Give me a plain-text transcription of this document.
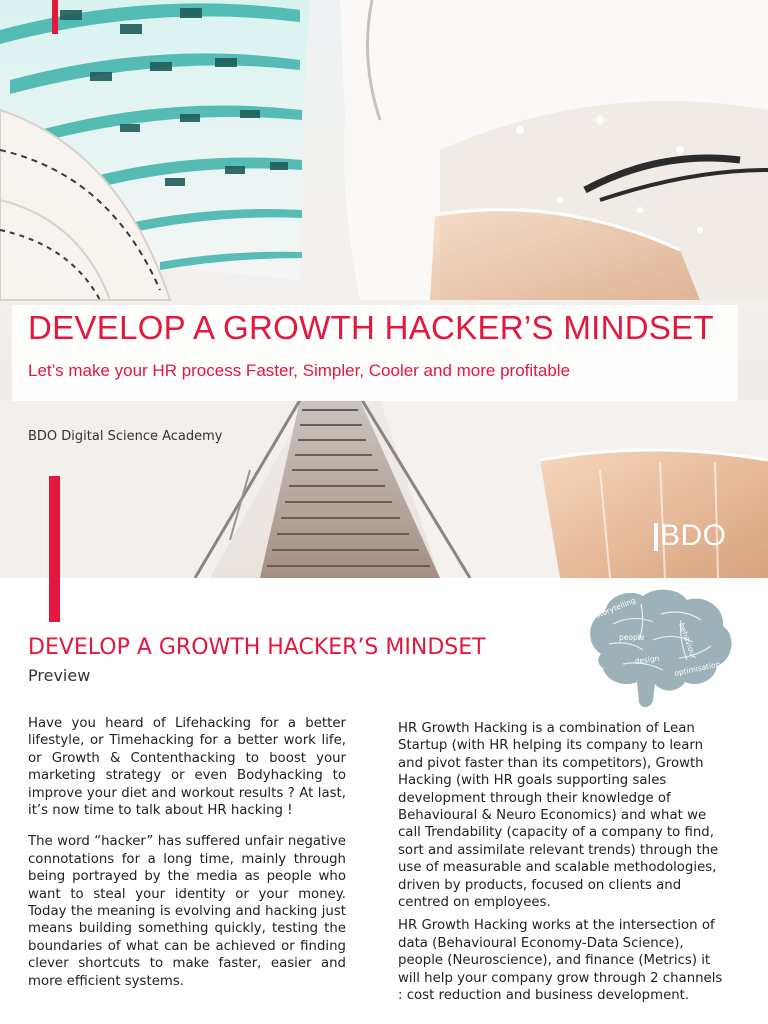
DEVELOP A GROWTH HACKER’S MINDSET

Let’s make your HR process Faster, Simpler, Cooler and more profitable

BDO Digital Science Academy
BDO
DEVELOP A GROWTH HACKER’S MINDSET
Preview
storytelling
design behaviour
optimisation
people

Have you heard of Lifehacking for a better lifestyle, or Timehacking for a better work life, or Growth & Contenthacking to boost your marketing strategy or even Bodyhacking to improve your diet and workout results ? At last, it’s now time to talk about HR hacking !

The word “hacker” has suffered unfair negative connotations for a long time, mainly through being portrayed by the media as people who want to steal your identity or your money. Today the meaning is evolving and hacking just means building something quickly, testing the boundaries of what can be achieved or finding clever shortcuts to make faster, easier and more efficient systems.

HR Growth Hacking is a combination of Lean Startup (with HR helping its company to learn and pivot faster than its competitors), Growth Hacking (with HR goals supporting sales development through their knowledge of Behavioural & Neuro Economics) and what we call Trendability (capacity of a company to find, sort and assimilate relevant trends) through the use of measurable and scalable methodologies, driven by products, focused on clients and centred on employees.

HR Growth Hacking works at the intersection of data (Behavioural Economy-Data Science), people (Neuroscience), and finance (Metrics) it will help your company grow through 2 channels : cost reduction and business development.
